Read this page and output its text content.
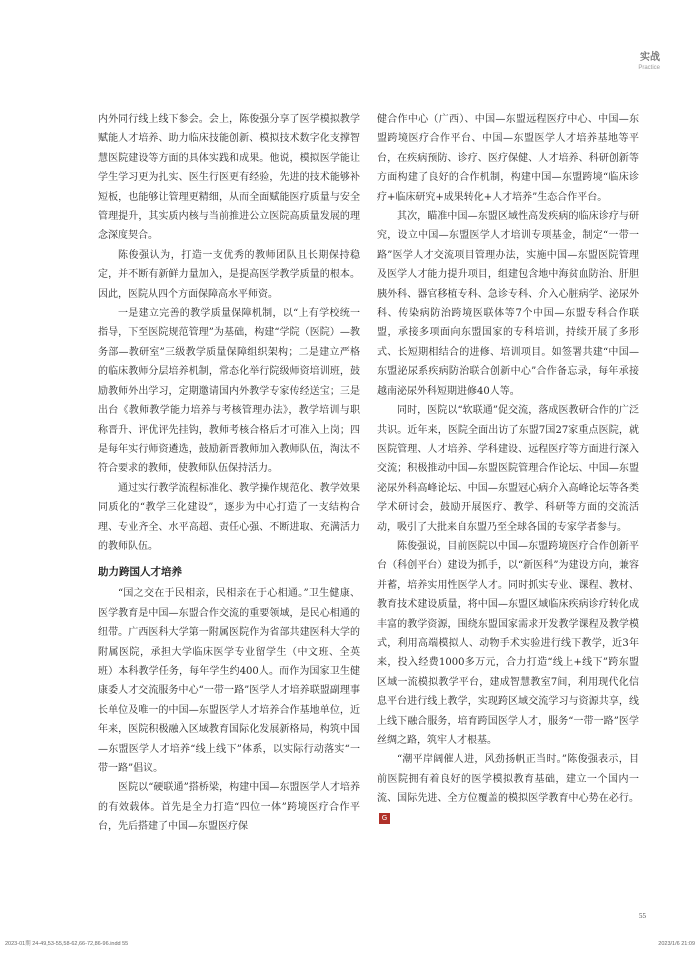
实战
Practice

内外同行线上线下参会。会上，陈俊强分享了医学模拟教学赋能人才培养、助力临床技能创新、模拟技术数字化支撑智慧医院建设等方面的具体实践和成果。他说，模拟医学能让学生学习更为扎实、医生行医更有经验，先进的技术能够补短板，也能够让管理更精细，从而全面赋能医疗质量与安全管理提升，其实质内核与当前推进公立医院高质量发展的理念深度契合。

陈俊强认为，打造一支优秀的教师团队且长期保持稳定，并不断有新鲜力量加入，是提高医学教学质量的根本。因此，医院从四个方面保障高水平师资。

一是建立完善的教学质量保障机制，以“上有学校统一指导，下至医院规范管理”为基础，构建“学院（医院）—教务部—教研室”三级教学质量保障组织架构；二是建立严格的临床教师分层培养机制，常态化举行院级师资培训班，鼓励教师外出学习，定期邀请国内外教学专家传经送宝；三是出台《教师教学能力培养与考核管理办法》，教学培训与职称晋升、评优评先挂钩，教师考核合格后才可准入上岗；四是每年实行师资遴选，鼓励新晋教师加入教师队伍，淘汰不符合要求的教师，使教师队伍保持活力。

通过实行教学流程标准化、教学操作规范化、教学效果同质化的“教学三化建设”，逐步为中心打造了一支结构合理、专业齐全、水平高超、责任心强、不断进取、充满活力的教师队伍。

助力跨国人才培养

“国之交在于民相亲，民相亲在于心相通。”卫生健康、医学教育是中国—东盟合作交流的重要领域，是民心相通的纽带。广西医科大学第一附属医院作为省部共建医科大学的附属医院，承担大学临床医学专业留学生（中文班、全英班）本科教学任务，每年学生约400人。而作为国家卫生健康委人才交流服务中心“一带一路”医学人才培养联盟副理事长单位及唯一的中国—东盟医学人才培养合作基地单位，近年来，医院积极融入区域教育国际化发展新格局，构筑中国—东盟医学人才培养“线上线下”体系，以实际行动落实“一带一路”倡议。

医院以“硬联通”搭桥梁，构建中国—东盟医学人才培养的有效载体。首先是全力打造“四位一体”跨境医疗合作平台，先后搭建了中国—东盟医疗保

健合作中心（广西）、中国—东盟远程医疗中心、中国—东盟跨境医疗合作平台、中国—东盟医学人才培养基地等平台，在疾病预防、诊疗、医疗保健、人才培养、科研创新等方面构建了良好的合作机制，构建中国—东盟跨境“临床诊疗+临床研究+成果转化+人才培养”生态合作平台。

其次，瞄准中国—东盟区域性高发疾病的临床诊疗与研究，设立中国—东盟医学人才培训专项基金，制定“一带一路”医学人才交流项目管理办法，实施中国—东盟医院管理及医学人才能力提升项目，组建包含地中海贫血防治、肝胆胰外科、器官移植专科、急诊专科、介入心脏病学、泌尿外科、传染病防治跨境医联体等7个中国—东盟专科合作联盟，承接多项面向东盟国家的专科培训，持续开展了多形式、长短期相结合的进修、培训项目。如签署共建“中国—东盟泌尿系疾病防治联合创新中心”合作备忘录，每年承接越南泌尿外科短期进修40人等。

同时，医院以“软联通”促交流，落成医教研合作的广泛共识。近年来，医院全面出访了东盟7国27家重点医院，就医院管理、人才培养、学科建设、远程医疗等方面进行深入交流；积极推动中国—东盟医院管理合作论坛、中国—东盟泌尿外科高峰论坛、中国—东盟冠心病介入高峰论坛等各类学术研讨会，鼓励开展医疗、教学、科研等方面的交流活动，吸引了大批来自东盟乃至全球各国的专家学者参与。

陈俊强说，目前医院以中国—东盟跨境医疗合作创新平台（科创平台）建设为抓手，以“新医科”为建设方向，兼容并蓄，培养实用性医学人才。同时抓实专业、课程、教材、教育技术建设质量，将中国—东盟区域临床疾病诊疗转化成丰富的教学资源，围绕东盟国家需求开发教学课程及教学模式，利用高端模拟人、动物手术实验进行线下教学，近3年来，投入经费1000多万元，合力打造“线上+线下”跨东盟区域一流模拟教学平台，建成智慧教室7间，利用现代化信息平台进行线上教学，实现跨区域交流学习与资源共享，线上线下融合服务，培育跨国医学人才，服务“一带一路”医学丝绸之路，筑牢人才根基。

“潮平岸阔催人进，风劲扬帆正当时。”陈俊强表示，目前医院拥有着良好的医学模拟教育基础，建立一个国内一流、国际先进、全方位覆盖的模拟医学教育中心势在必行。G

55
2023-01期 24-49,53-55,58-62,66-72,86-96.indd 55	2023/1/6 21:09
